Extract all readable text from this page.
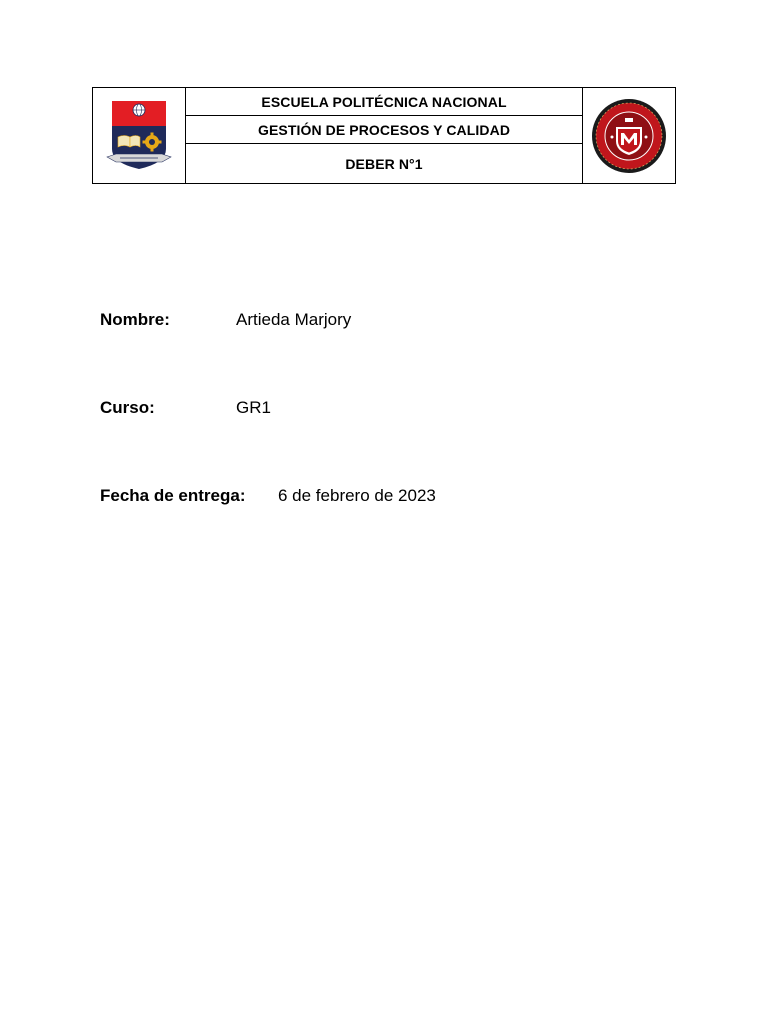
ESCUELA POLITÉCNICA NACIONAL
GESTIÓN DE PROCESOS Y CALIDAD
DEBER N°1
Nombre:	Artieda Marjory
Curso:	GR1
Fecha de entrega: 6 de febrero de 2023
